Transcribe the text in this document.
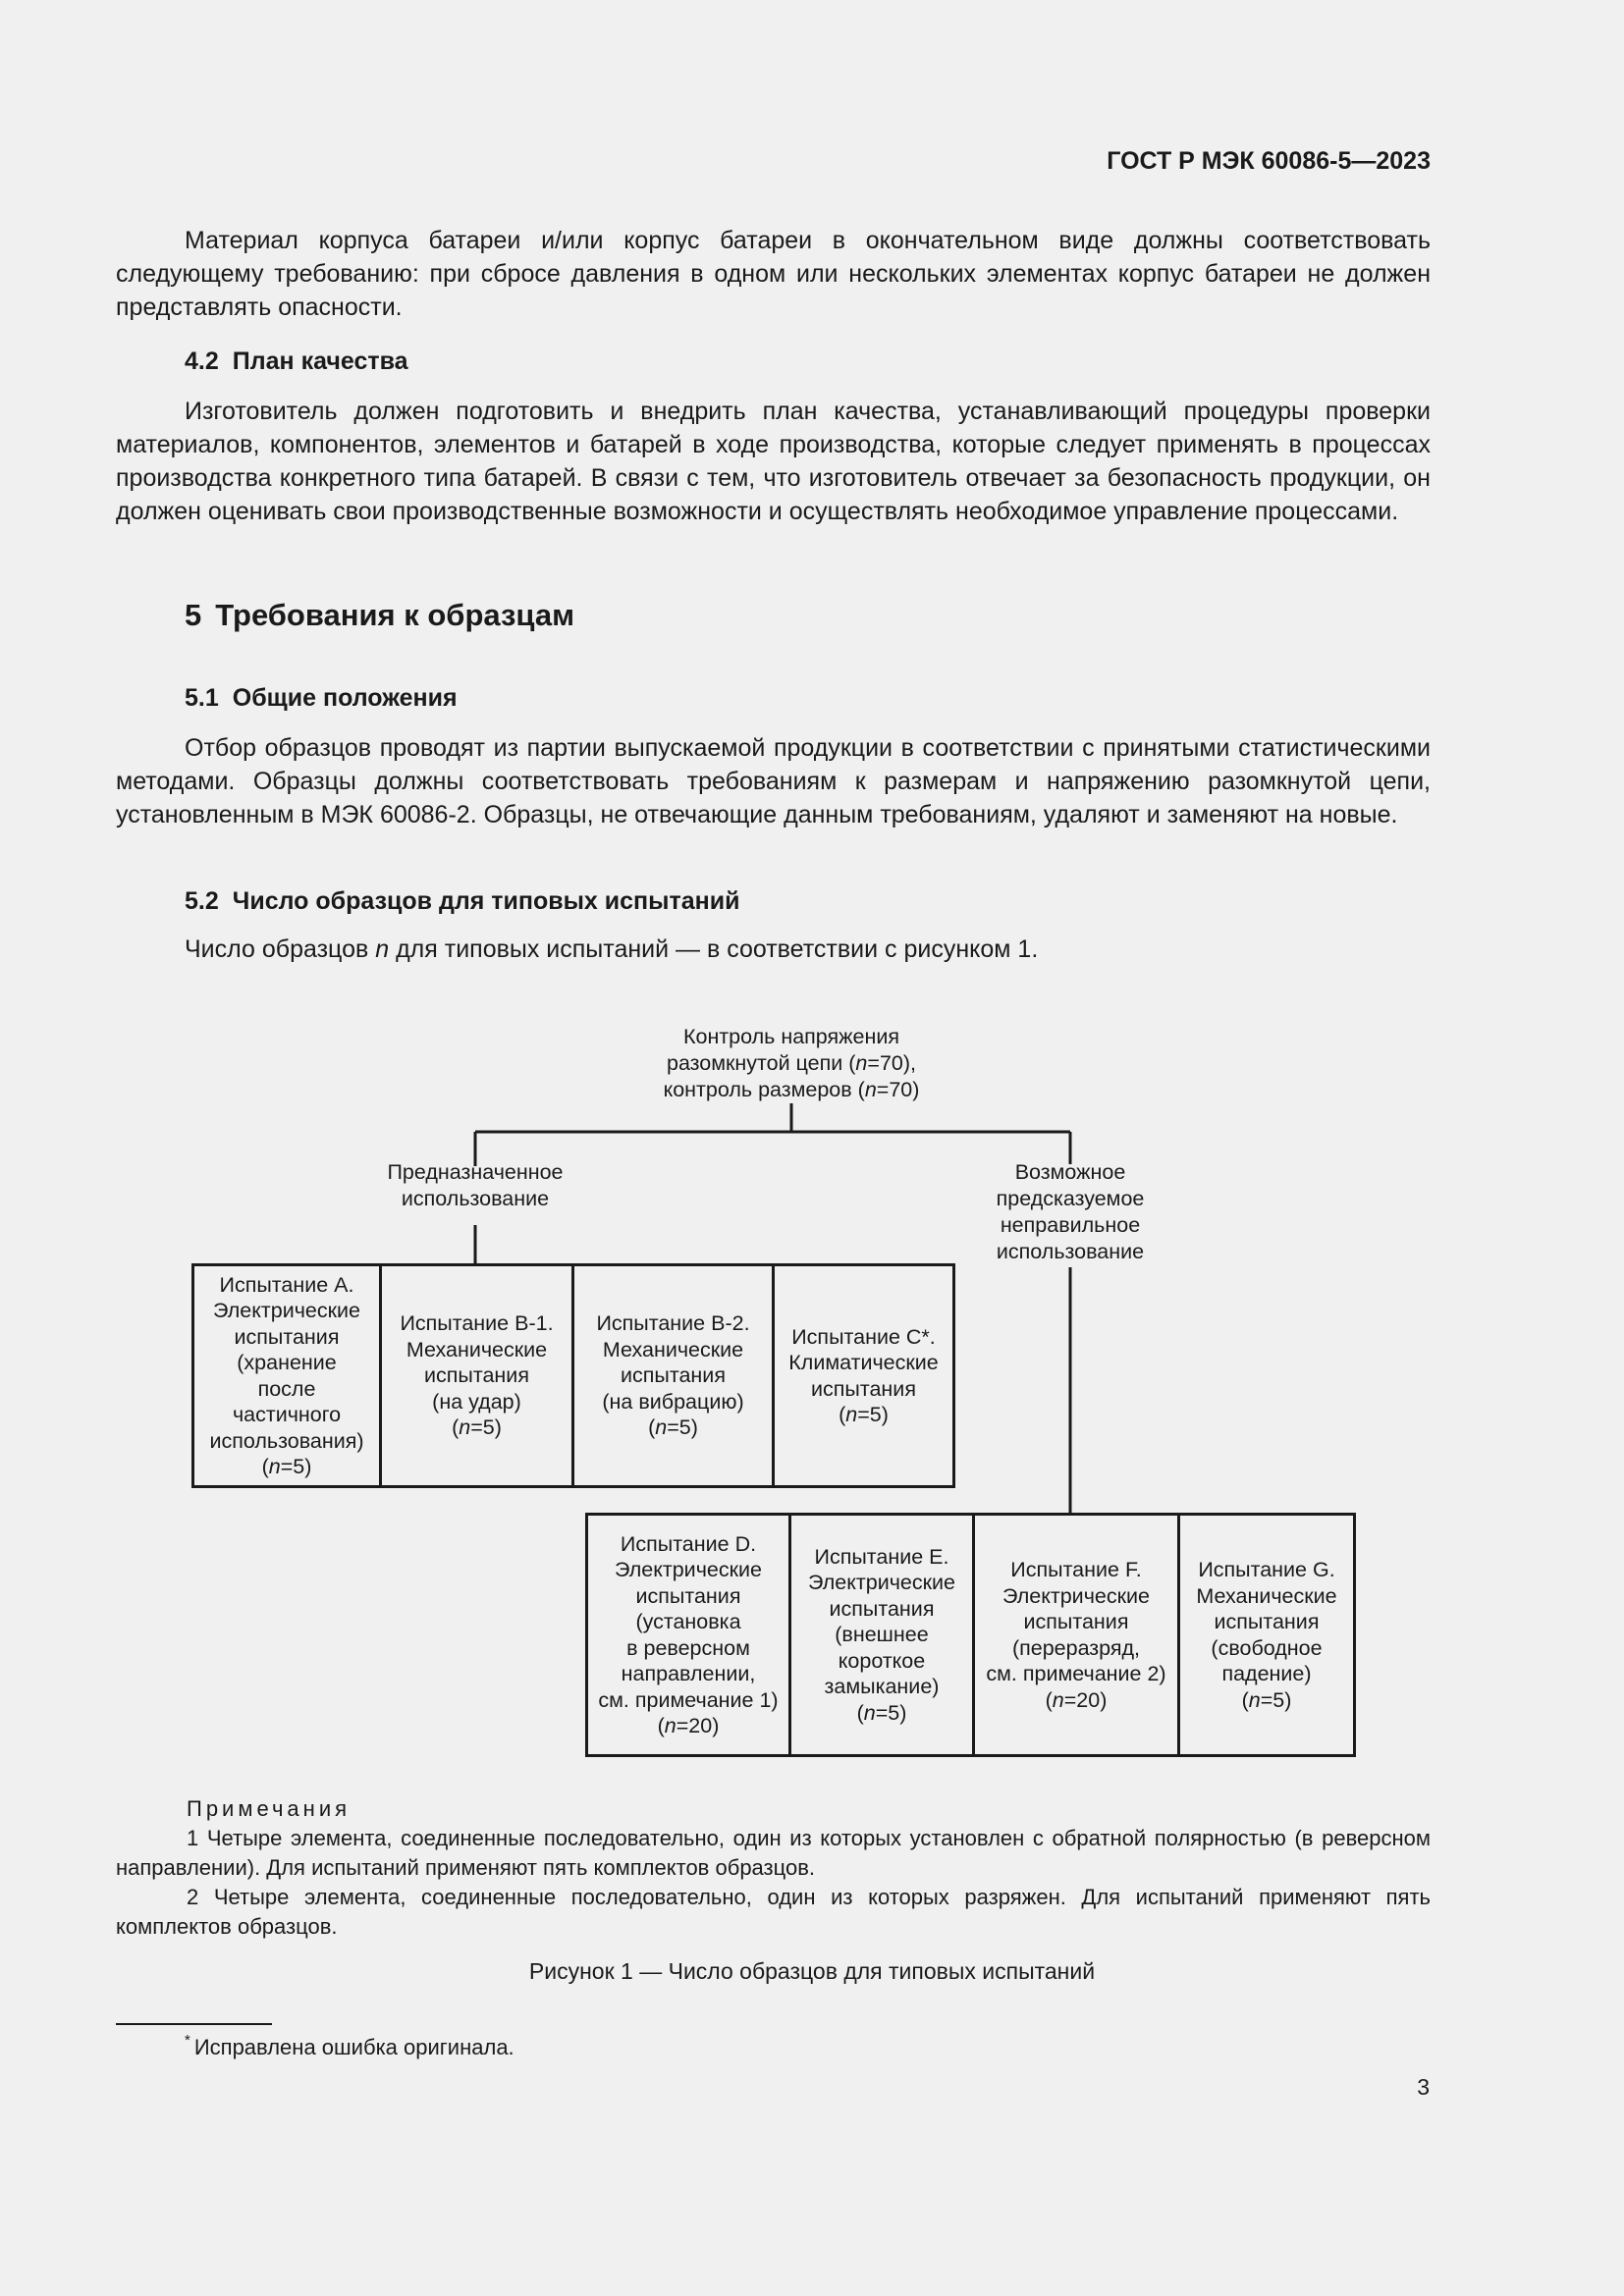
ГОСТ Р МЭК 60086-5—2023
Материал корпуса батареи и/или корпус батареи в окончательном виде должны соответствовать следующему требованию: при сбросе давления в одном или нескольких элементах корпус батареи не должен представлять опасности.
4.2 План качества
Изготовитель должен подготовить и внедрить план качества, устанавливающий процедуры проверки материалов, компонентов, элементов и батарей в ходе производства, которые следует применять в процессах производства конкретного типа батарей. В связи с тем, что изготовитель отвечает за безопасность продукции, он должен оценивать свои производственные возможности и осуществлять необходимое управление процессами.
5 Требования к образцам
5.1 Общие положения
Отбор образцов проводят из партии выпускаемой продукции в соответствии с принятыми статистическими методами. Образцы должны соответствовать требованиям к размерам и напряжению разомкнутой цепи, установленным в МЭК 60086-2. Образцы, не отвечающие данным требованиям, удаляют и заменяют на новые.
5.2 Число образцов для типовых испытаний
Число образцов n для типовых испытаний — в соответствии с рисунком 1.
Контроль напряжения
разомкнутой цепи (n=70),
контроль размеров (n=70)
Предназначенное
использование
Возможное
предсказуемое
неправильное
использование
Испытание А.
Электрические
испытания
(хранение
после
частичного
использования)
(n=5)
Испытание В-1.
Механические
испытания
(на удар)
(n=5)
Испытание В-2.
Механические
испытания
(на вибрацию)
(n=5)
Испытание С*.
Климатические
испытания
(n=5)
Испытание D.
Электрические
испытания
(установка
в реверсном
направлении,
см. примечание 1)
(n=20)
Испытание Е.
Электрические
испытания
(внешнее
короткое
замыкание)
(n=5)
Испытание F.
Электрические
испытания
(переразряд,
см. примечание 2)
(n=20)
Испытание G.
Механические
испытания
(свободное
падение)
(n=5)
Примечания
1 Четыре элемента, соединенные последовательно, один из которых установлен с обратной полярностью (в реверсном направлении). Для испытаний применяют пять комплектов образцов.
2 Четыре элемента, соединенные последовательно, один из которых разряжен. Для испытаний применяют пять комплектов образцов.
Рисунок 1 — Число образцов для типовых испытаний
* Исправлена ошибка оригинала.
3
